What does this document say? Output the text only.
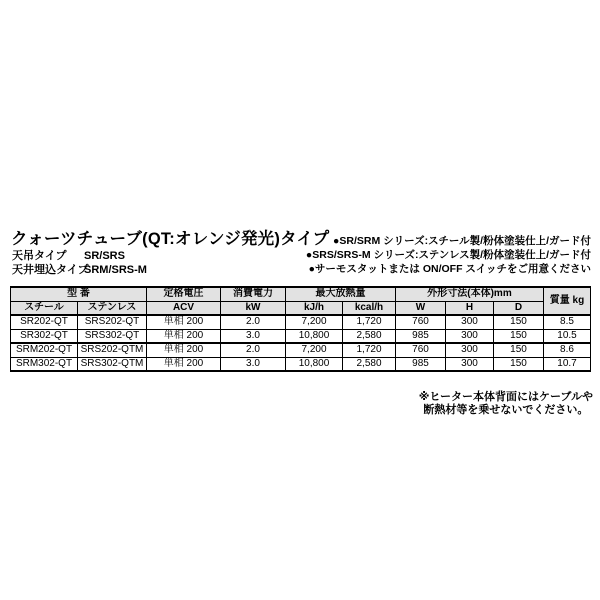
クォーツチューブ(QT:オレンジ発光)タイプ
天吊タイプ	SR/SRS
天井埋込タイプ
SRM/SRS-M
●SR/SRM シリーズ:スチール製/粉体塗装仕上/ガード付
●SRS/SRS-M シリーズ:ステンレス製/粉体塗装仕上/ガード付
●サーモスタットまたは ON/OFF スイッチをご用意ください
型 番		定格電圧	消費電力	最大放熱量		外形寸法(本体)mm			質量 kg
スチール	ステンレス	ACV	kW	kJ/h	kcal/h	W	H	D	
SR202-QT	SRS202-QT	単相 200	2.0	7,200	1,720	760	300	150	8.5
SR302-QT	SRS302-QT	単相 200	3.0	10,800	2,580	985	300	150	10.5
SRM202-QT	SRS202-QTM	単相 200	2.0	7,200	1,720	760	300	150	8.6
SRM302-QT	SRS302-QTM	単相 200	3.0	10,800	2,580	985	300	150	10.7
※ヒーター本体背面にはケーブルや
断熱材等を乗せないでください。
